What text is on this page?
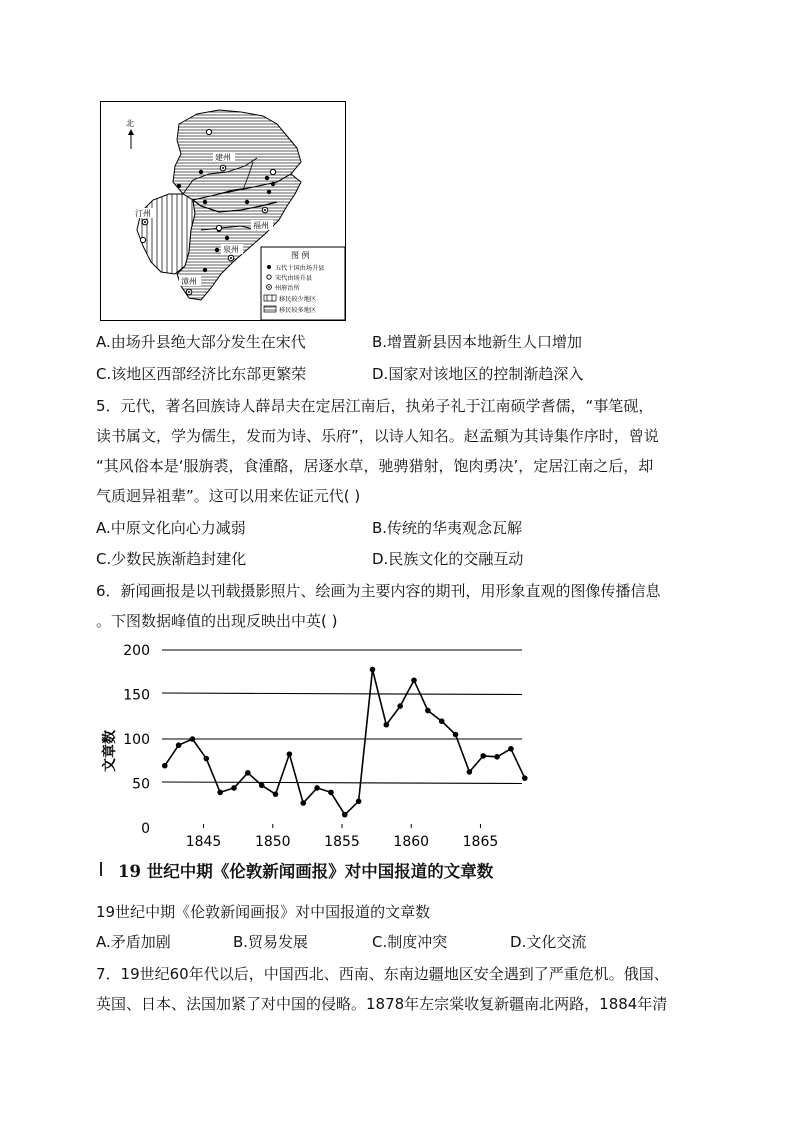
北
建州
汀州
福州
泉州
漳州
图 例
五代十国由场升县
宋代由场升县
州府治所
移民较少地区
移民较多地区
A.由场升县绝大部分发生在宋代	B.增置新县因本地新生人口增加
C.该地区西部经济比东部更繁荣	D.国家对该地区的控制渐趋深入
5．元代，著名回族诗人薛昂夫在定居江南后，执弟子礼于江南硕学耆儒，“事笔砚，
读书属文，学为儒生，发而为诗、乐府”，以诗人知名。赵孟頫为其诗集作序时，曾说
“其风俗本是‘服旃裘，食湩酪，居逐水草，驰骋猎射，饱肉勇决’，定居江南之后，却
气质迥异祖辈”。这可以用来佐证元代( )
A.中原文化向心力减弱	B.传统的华夷观念瓦解
C.少数民族渐趋封建化	D.民族文化的交融互动
6．新闻画报是以刊载摄影照片、绘画为主要内容的期刊，用形象直观的图像传播信息
。下图数据峰值的出现反映出中英( )
0
50
100
150
200
1845 1850 1855 1860 1865
文章数
19 世纪中期《伦敦新闻画报》对中国报道的文章数
19世纪中期《伦敦新闻画报》对中国报道的文章数
A.矛盾加剧	B.贸易发展	C.制度冲突	D.文化交流
7．19世纪60年代以后，中国西北、西南、东南边疆地区安全遇到了严重危机。俄国、
英国、日本、法国加紧了对中国的侵略。1878年左宗棠收复新疆南北两路，1884年清
